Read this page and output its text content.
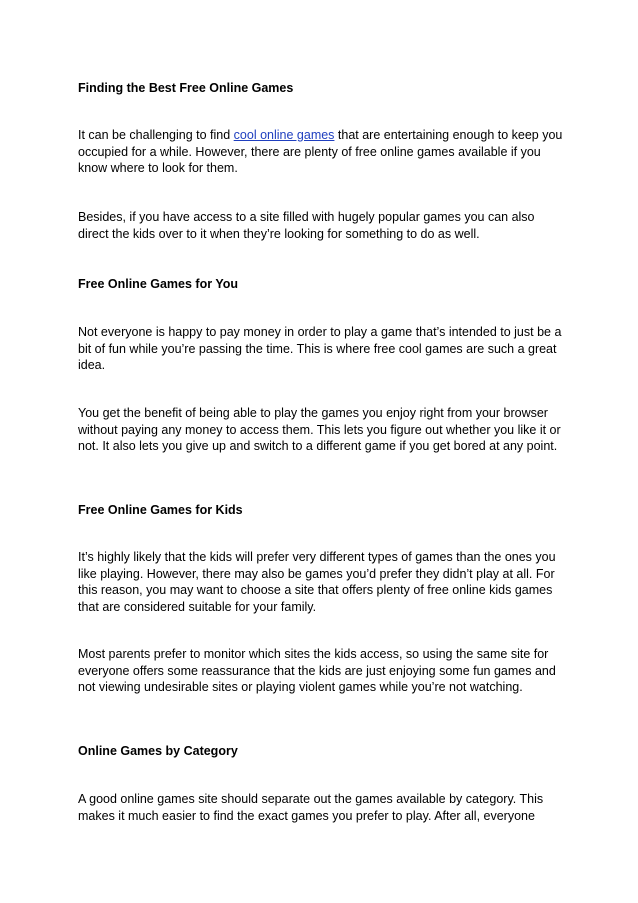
Finding the Best Free Online Games

It can be challenging to find cool online games that are entertaining enough to keep you occupied for a while. However, there are plenty of free online games available if you know where to look for them.

Besides, if you have access to a site filled with hugely popular games you can also direct the kids over to it when they’re looking for something to do as well.

Free Online Games for You

Not everyone is happy to pay money in order to play a game that’s intended to just be a bit of fun while you’re passing the time. This is where free cool games are such a great idea.

You get the benefit of being able to play the games you enjoy right from your browser without paying any money to access them. This lets you figure out whether you like it or not. It also lets you give up and switch to a different game if you get bored at any point.

Free Online Games for Kids

It’s highly likely that the kids will prefer very different types of games than the ones you like playing. However, there may also be games you’d prefer they didn’t play at all. For this reason, you may want to choose a site that offers plenty of free online kids games that are considered suitable for your family.

Most parents prefer to monitor which sites the kids access, so using the same site for everyone offers some reassurance that the kids are just enjoying some fun games and not viewing undesirable sites or playing violent games while you’re not watching.

Online Games by Category

A good online games site should separate out the games available by category. This makes it much easier to find the exact games you prefer to play. After all, everyone
